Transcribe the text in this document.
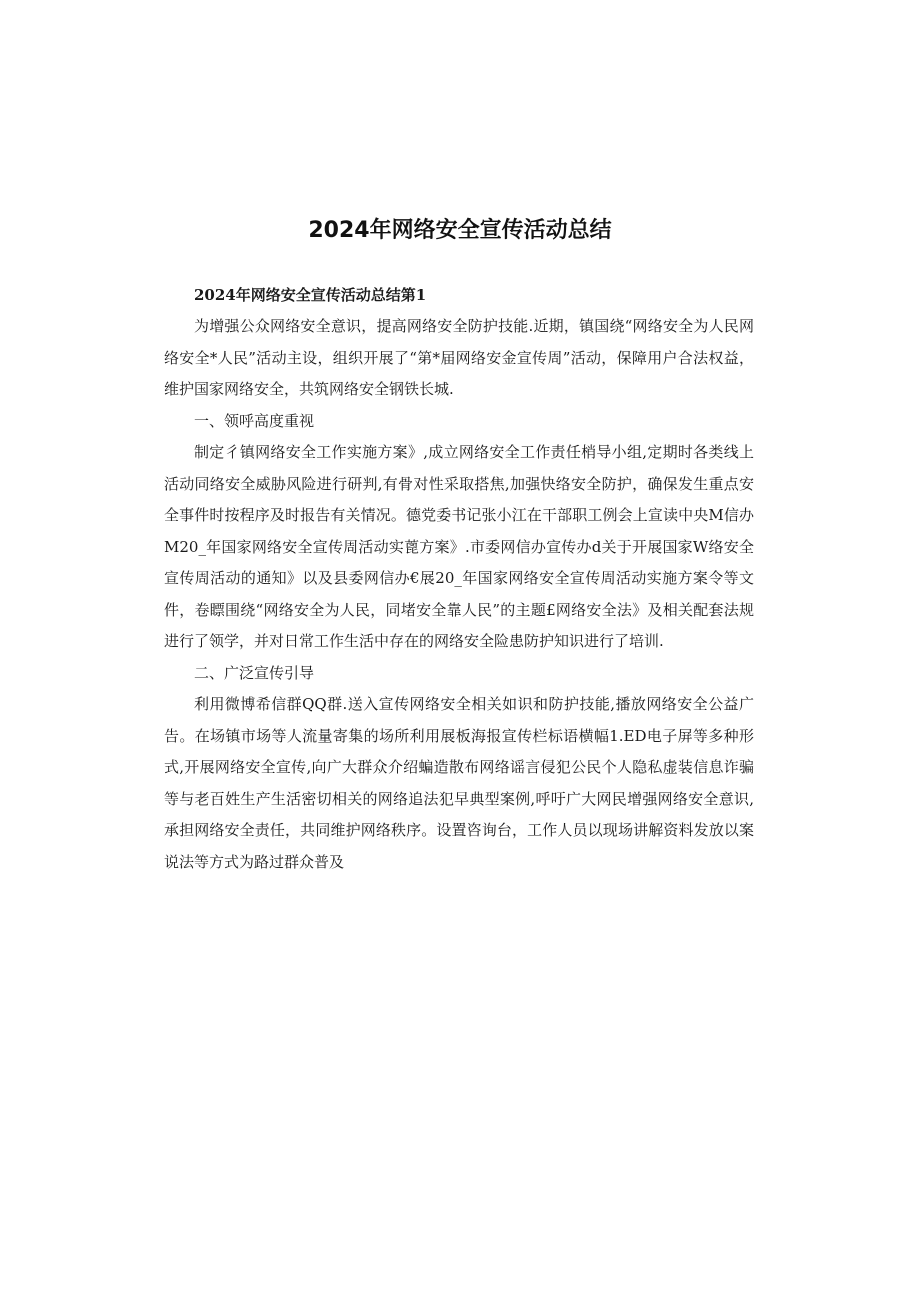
2024年网络安全宣传活动总结

2024年网络安全宣传活动总结第1

为增强公众网络安全意识，提高网络安全防护技能.近期，镇国绕“网络安全为人民网络安全*人民”活动主设，组织开展了“第*届网络安金宣传周”活动，保障用户合法权益，维护国家网络安全，共筑网络安全钢铁长城.

一、领呼高度重视

制定彳镇网络安全工作实施方案》,成立网络安全工作责任梢导小组,定期时各类线上活动同络安全威胁风险进行研判,有骨对性采取搭焦,加强快络安全防护，确保发生重点安全事件时按程序及时报告有关情况。德党委书记张小江在干部职工例会上宣读中央M信办M20_年国家网络安全宣传周活动实蓖方案》.市委网信办宣传办d关于开展国家W络安全宣传周活动的通知》以及县委网信办€展20_年国家网络安全宣传周活动实施方案令等文件，卷瞟围绕“网络安全为人民，同堵安全靠人民”的主题£网络安全法》及相关配套法规进行了领学，并对日常工作生活中存在的网络安全险患防护知识进行了培训.

二、广泛宣传引导

利用微博希信群QQ群.送入宣传网络安全相关如识和防护技能,播放网络安全公益广告。在场镇市场等人流量寄集的场所利用展板海报宣传栏标语横幅1.ED电子屏等多种形式,开展网络安全宣传,向广大群众介绍蝙造散布网络谣言侵犯公民个人隐私虚装信息诈骗等与老百姓生产生活密切相关的网络追法犯早典型案例,呼吁广大网民增强网络安全意识,承担网络安全责任，共同维护网络秩序。设置咨询台，工作人员以现场讲解资料发放以案说法等方式为路过群众普及
